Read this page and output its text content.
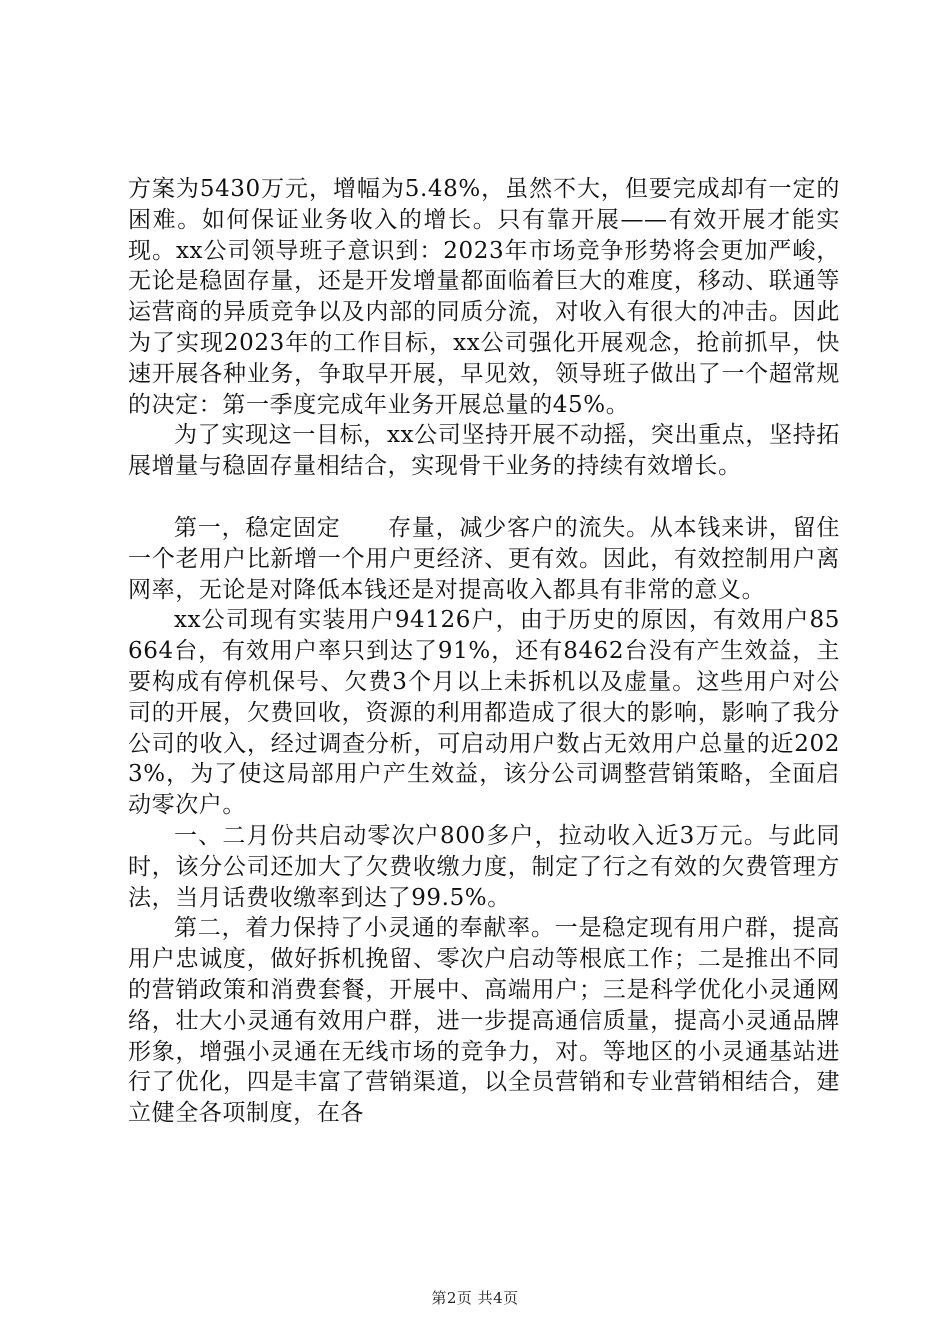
方案为5430万元，增幅为5.48%，虽然不大，但要完成却有一定的困难。如何保证业务收入的增长。只有靠开展——有效开展才能实现。xx公司领导班子意识到：2023年市场竞争形势将会更加严峻，无论是稳固存量，还是开发增量都面临着巨大的难度，移动、联通等运营商的异质竞争以及内部的同质分流，对收入有很大的冲击。因此为了实现2023年的工作目标，xx公司强化开展观念，抢前抓早，快速开展各种业务，争取早开展，早见效，领导班子做出了一个超常规的决定：第一季度完成年业务开展总量的45%。

为了实现这一目标，xx公司坚持开展不动摇，突出重点，坚持拓展增量与稳固存量相结合，实现骨干业务的持续有效增长。

第一，稳定固定　　存量，减少客户的流失。从本钱来讲，留住一个老用户比新增一个用户更经济、更有效。因此，有效控制用户离网率，无论是对降低本钱还是对提高收入都具有非常的意义。

xx公司现有实装用户94126户，由于历史的原因，有效用户85664台，有效用户率只到达了91%，还有8462台没有产生效益，主要构成有停机保号、欠费3个月以上未拆机以及虚量。这些用户对公司的开展，欠费回收，资源的利用都造成了很大的影响，影响了我分公司的收入，经过调查分析，可启动用户数占无效用户总量的近2023%，为了使这局部用户产生效益，该分公司调整营销策略，全面启动零次户。

一、二月份共启动零次户800多户，拉动收入近3万元。与此同时，该分公司还加大了欠费收缴力度，制定了行之有效的欠费管理方法，当月话费收缴率到达了99.5%。

第二，着力保持了小灵通的奉献率。一是稳定现有用户群，提高用户忠诚度，做好拆机挽留、零次户启动等根底工作；二是推出不同的营销政策和消费套餐，开展中、高端用户；三是科学优化小灵通网络，壮大小灵通有效用户群，进一步提高通信质量，提高小灵通品牌形象，增强小灵通在无线市场的竞争力，对。等地区的小灵通基站进行了优化，四是丰富了营销渠道，以全员营销和专业营销相结合，建立健全各项制度，在各

第2页 共4页
